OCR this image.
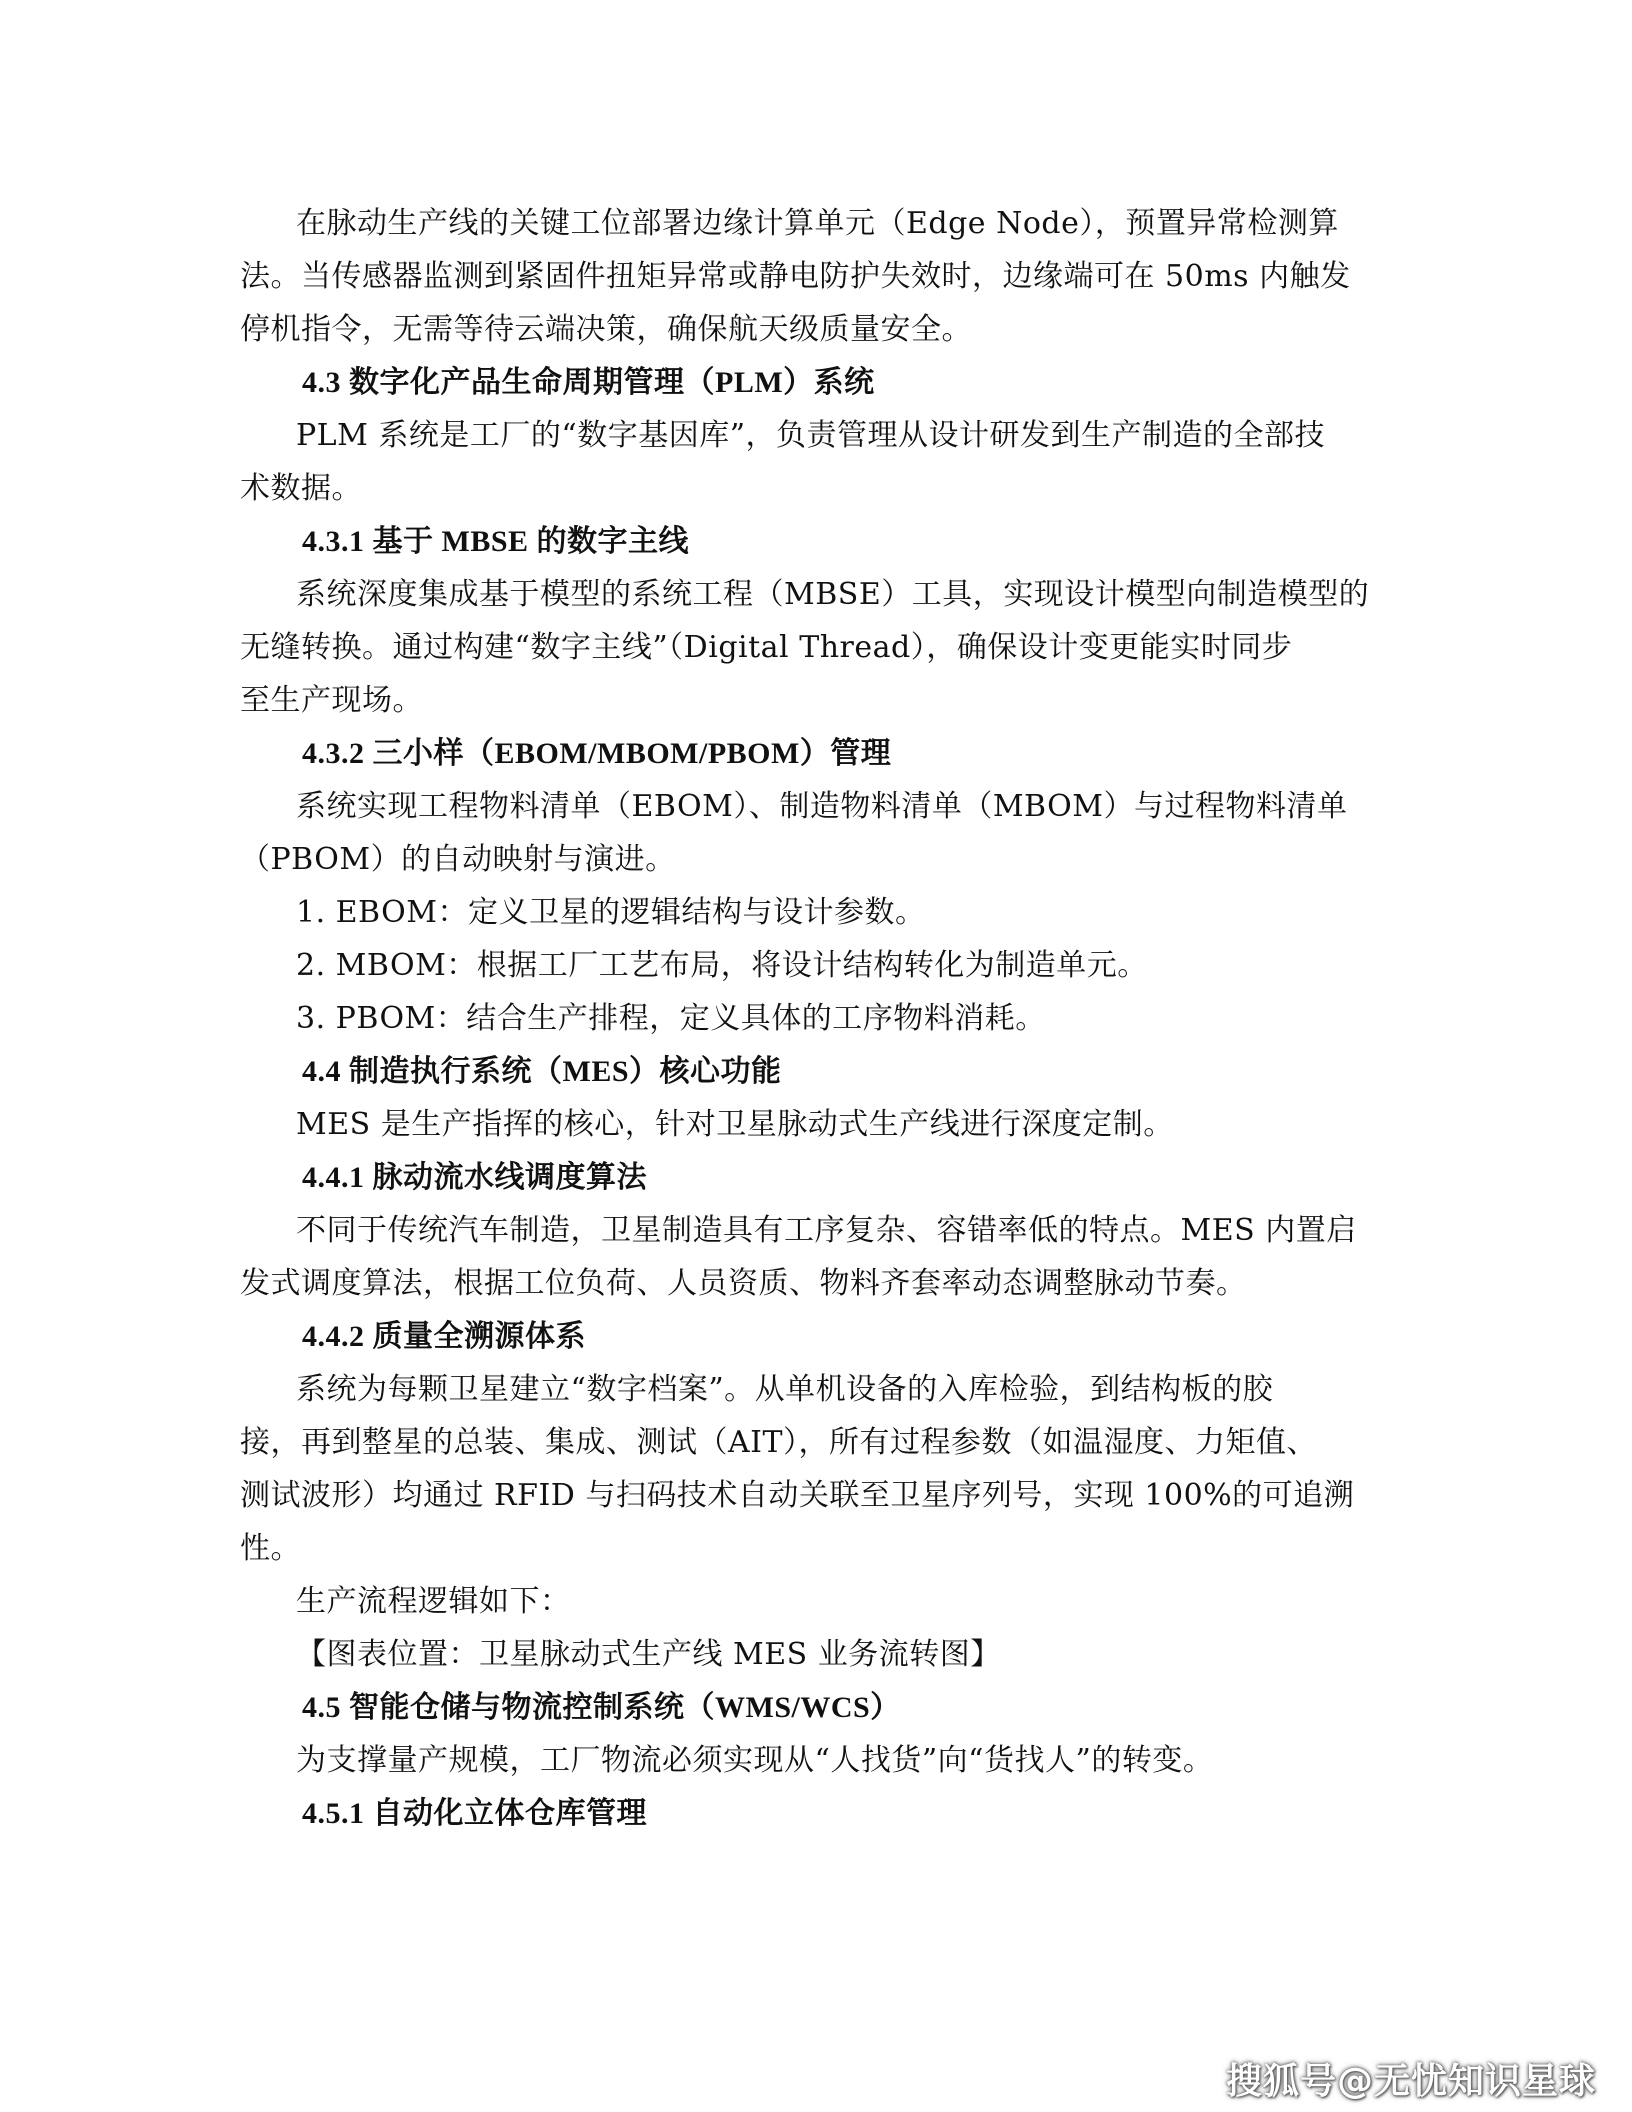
在脉动生产线的关键工位部署边缘计算单元（Edge Node），预置异常检测算
法。当传感器监测到紧固件扭矩异常或静电防护失效时，边缘端可在 50ms 内触发
停机指令，无需等待云端决策，确保航天级质量安全。
4.3 数字化产品生命周期管理（PLM）系统
PLM 系统是工厂的“数字基因库”，负责管理从设计研发到生产制造的全部技
术数据。
4.3.1 基于 MBSE 的数字主线
系统深度集成基于模型的系统工程（MBSE）工具，实现设计模型向制造模型的
无缝转换。通过构建“数字主线”（Digital Thread），确保设计变更能实时同步
至生产现场。
4.3.2 三小样（EBOM/MBOM/PBOM）管理
系统实现工程物料清单（EBOM）、制造物料清单（MBOM）与过程物料清单
（PBOM）的自动映射与演进。
1. EBOM：定义卫星的逻辑结构与设计参数。
2. MBOM：根据工厂工艺布局，将设计结构转化为制造单元。
3. PBOM：结合生产排程，定义具体的工序物料消耗。
4.4 制造执行系统（MES）核心功能
MES 是生产指挥的核心，针对卫星脉动式生产线进行深度定制。
4.4.1 脉动流水线调度算法
不同于传统汽车制造，卫星制造具有工序复杂、容错率低的特点。MES 内置启
发式调度算法，根据工位负荷、人员资质、物料齐套率动态调整脉动节奏。
4.4.2 质量全溯源体系
系统为每颗卫星建立“数字档案”。从单机设备的入库检验，到结构板的胶
接，再到整星的总装、集成、测试（AIT），所有过程参数（如温湿度、力矩值、
测试波形）均通过 RFID 与扫码技术自动关联至卫星序列号，实现 100%的可追溯
性。
生产流程逻辑如下：
【图表位置：卫星脉动式生产线 MES 业务流转图】
4.5 智能仓储与物流控制系统（WMS/WCS）
为支撑量产规模，工厂物流必须实现从“人找货”向“货找人”的转变。
4.5.1 自动化立体仓库管理
搜狐号@无忧知识星球
